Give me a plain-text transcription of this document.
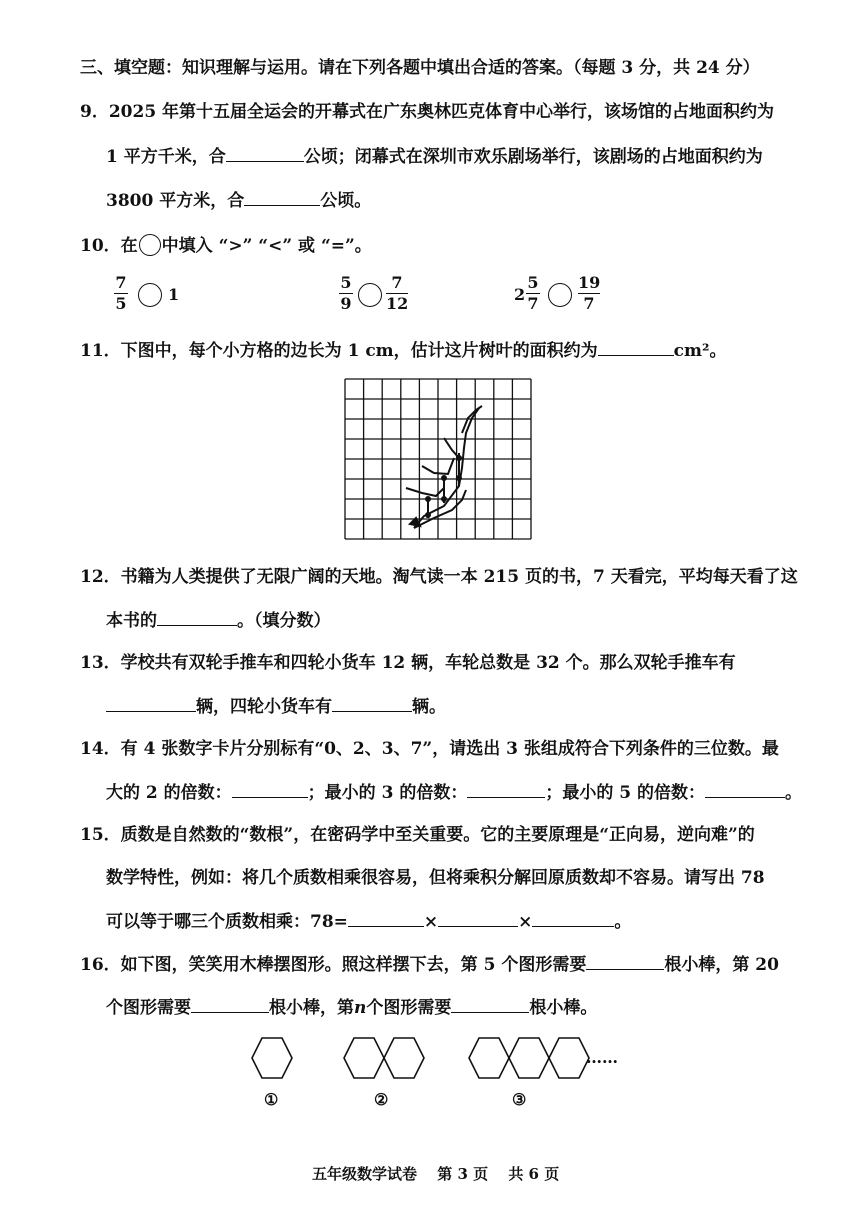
三、填空题：知识理解与运用。请在下列各题中填出合适的答案。（每题 3 分，共 24 分）
9．2025 年第十五届全运会的开幕式在广东奥林匹克体育中心举行，该场馆的占地面积约为
1 平方千米，合	公顷；闭幕式在深圳市欢乐剧场举行，该剧场的占地面积约为
3800 平方米，合	公顷。
10．在 中填入 “>” “<” 或 “=”。
7
5	1
5
9
7
12	2
5
7
19
7
11．下图中，每个小方格的边长为 1 cm，估计这片树叶的面积约为	cm²。
12．书籍为人类提供了无限广阔的天地。淘气读一本 215 页的书，7 天看完，平均每天看了这
本书的	。（填分数）
13．学校共有双轮手推车和四轮小货车 12 辆，车轮总数是 32 个。那么双轮手推车有
辆，四轮小货车有	辆。
14．有 4 张数字卡片分别标有“0、2、3、7”，请选出 3 张组成符合下列条件的三位数。最
大的 2 的倍数：	；最小的 3 的倍数：	；最小的 5 的倍数：	。
15．质数是自然数的“数根”，在密码学中至关重要。它的主要原理是“正向易，逆向难”的
数学特性，例如：将几个质数相乘很容易，但将乘积分解回原质数却不容易。请写出 78
可以等于哪三个质数相乘：78=	×	×	。
16．如下图，笑笑用木棒摆图形。照这样摆下去，第 5 个图形需要	根小棒，第 20
个图形需要	根小棒，第n个图形需要	根小棒。
……
①	②	③
五年级数学试卷　 第 3 页　 共 6 页
